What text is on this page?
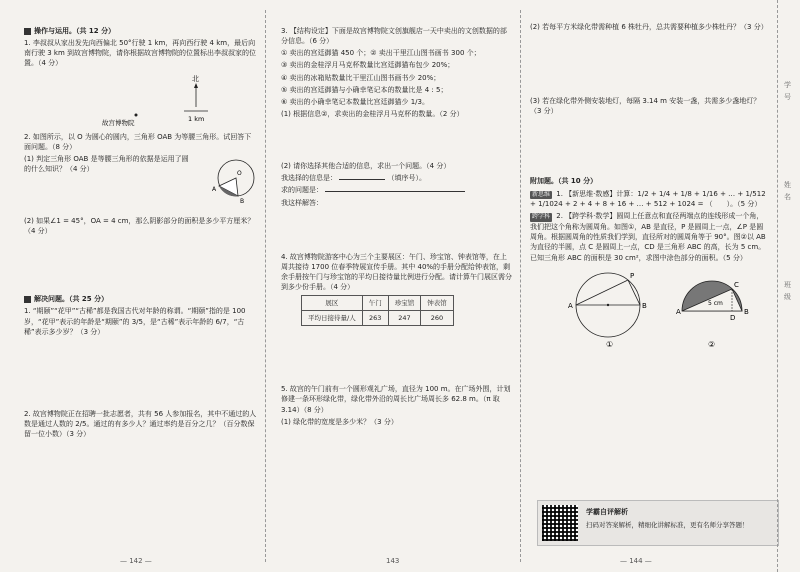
操作与运用。（共 12 分）
1. 李叔叔从家出发先向西偏北 50°行驶 1 km，再向西行驶 4 km，最后向南行驶 3 km 到故宫博物院，请你根据故宫博物院的位置标出李叔叔家的位置。（4 分）
北
1 km
故宫博物院
2. 如图所示，以 O 为圆心的圆内，三角形 OAB 为等腰三角形。试回答下面问题。（8 分）
(1) 判定三角形 OAB 是等腰三角形的依据是运用了圆的什么知识？（4 分）
O
A
B
(2) 如果∠1 = 45°，OA = 4 cm，那么阴影部分的面积是多少平方厘米？（4 分）
解决问题。（共 25 分）
1. “期颐”“花甲”“古稀”都是我国古代对年龄的称谓。“期颐”指的是 100 岁，“花甲”表示的年龄是“期颐”的 3/5，是“古稀”表示年龄的 6/7，“古稀”表示多少岁？（3 分）
2. 故宫博物院正在招聘一批志愿者，共有 56 人参加报名，其中不通过的人数是通过人数的 2/5。通过的有多少人？通过率约是百分之几？（百分数保留一位小数）（3 分）
— 142 —
3. 【结构设定】下面是故宫博物院文创旗舰店一天中卖出的文创数据的部分信息。（6 分）
① 卖出的宫廷御猫 450 个；② 卖出干里江山图书画书 300 个；
③ 卖出的金桂浮月马克杯数量比宫廷御猫布包少 20%；
④ 卖出的冰箱贴数量比干里江山图书画书少 20%；
⑤ 卖出的宫廷御猫与小确幸笔记本的数量比是 4 : 5；
⑥ 卖出的小确幸笔记本数量比宫廷御猫少 1/3。
(1) 根据信息②，求卖出的金桂浮月马克杯的数量。（2 分）
(2) 请你选择其他合适的信息，求出一个问题。（4 分）
我选择的信息是：	（填序号）。
求的问题是：
我这样解答：
4. 故宫博物院游客中心为三个主要展区：午门、珍宝馆、钟表馆等，在上周共接待 1700 位春季特展宣传手册。其中 40%的手册分配给钟表馆，剩余手册按午门与珍宝馆的平均日接待量比例进行分配。请计算午门展区需分到多少份手册。（4 分）
展区	午门	珍宝馆	钟表馆
平均日接待量/人	263	247	260
5. 故宫的午门前有一个圆形观礼广场，直径为 100 m。在广场外围，计划修建一条环形绿化带，绿化带外沿的周长比广场周长多 62.8 m。（π 取 3.14）（8 分）
(1) 绿化带的宽度是多少米？（3 分）
143
(2) 若每平方米绿化带需种植 6 株牡丹，总共需要种植多少株牡丹？（3 分）
(3) 若在绿化带外侧安装地灯，每隔 3.14 m 安装一盏，共需多少盏地灯？（3 分）
附加题。（共 10 分）
新思维 1. 【新思维·数感】计算：1/2 + 1/4 + 1/8 + 1/16 + … + 1/512 + 1/1024 + 2 + 4 + 8 + 16 + … + 512 + 1024 = （　　）。（5 分）
跨学科 2. 【跨学科·数学】圆周上任意点和直径两端点的连线形成一个角，我们把这个角称为圆周角。如图①，AB 是直径，P 是圆周上一点，∠P 是圆周角。根据圆周角的性质我们学到，直径所对的圆周角等于 90°。图②以 AB 为直径的半圆，点 C 是圆周上一点，CD 是三角形 ABC 的高，长为 5 cm。已知三角形 ABC 的面积是 30 cm²，求图中涂色部分的面积。（5 分）
A	B
P
①
A	B
C
D
5 cm
②
学霸自评解析
扫码对答案解析，精细化讲解标准，更有名师分享答题！
— 144 —
学
号
姓
名
班
级
